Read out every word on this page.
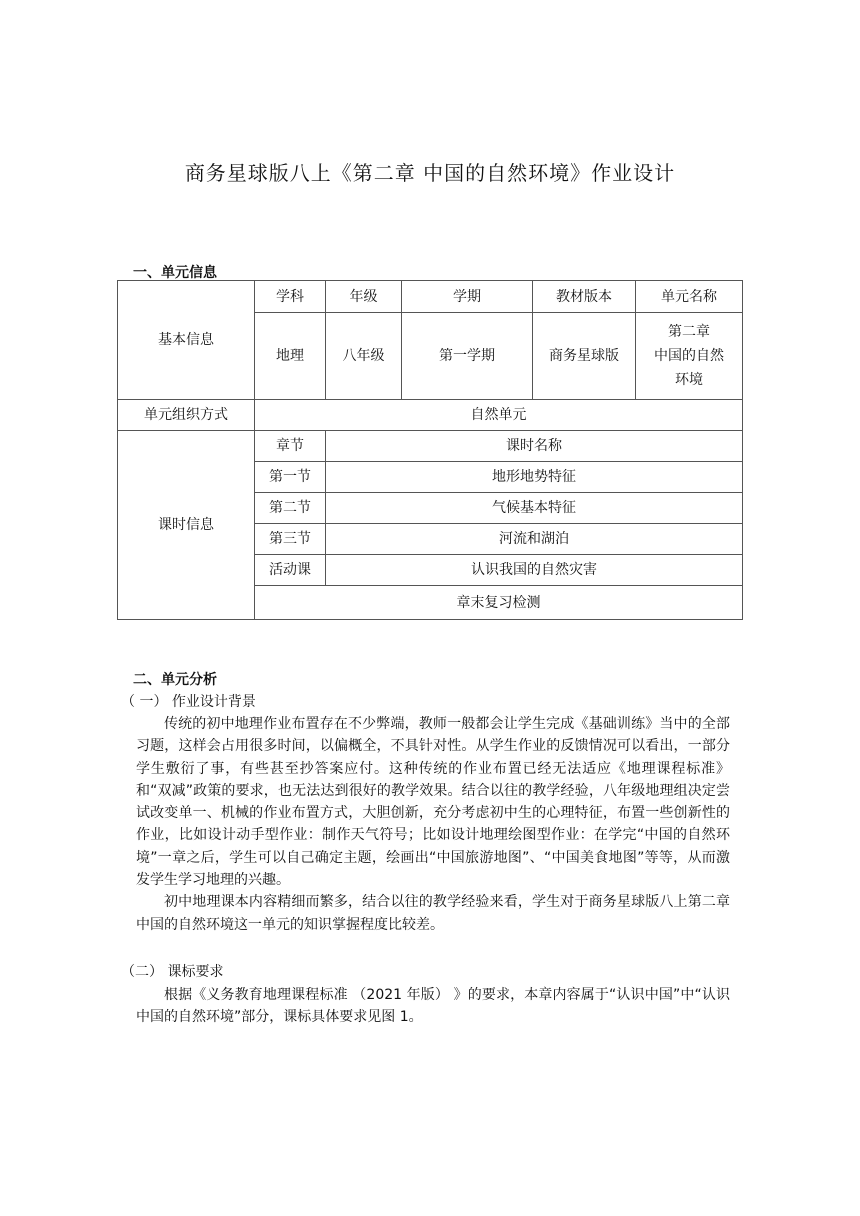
商务星球版八上《第二章 中国的自然环境》作业设计
一、单元信息
基本信息	学科	年级	学期	教材版本	单元名称
	地理	八年级	第一学期	商务星球版	第二章
中国的自然
环境

单元组织方式	自然单元				
课时信息	章节	课时名称			
	第一节	地形地势特征			
	第二节	气候基本特征			
	第三节	河流和湖泊			
	活动课	认识我国的自然灾害			
	章末复习检测				
二、单元分析
（ 一） 作业设计背景

传统的初中地理作业布置存在不少弊端，教师一般都会让学生完成《基础训练》当中的全部习题，这样会占用很多时间，以偏概全，不具针对性。从学生作业的反馈情况可以看出，一部分学生敷衍了事，有些甚至抄答案应付。这种传统的作业布置已经无法适应《地理课程标准》和“双减”政策的要求，也无法达到很好的教学效果。结合以往的教学经验，八年级地理组决定尝试改变单一、机械的作业布置方式，大胆创新，充分考虑初中生的心理特征，布置一些创新性的作业，比如设计动手型作业：制作天气符号；比如设计地理绘图型作业：在学完“中国的自然环境”一章之后，学生可以自己确定主题，绘画出“中国旅游地图”、“中国美食地图”等等，从而激发学生学习地理的兴趣。

初中地理课本内容精细而繁多，结合以往的教学经验来看，学生对于商务星球版八上第二章中国的自然环境这一单元的知识掌握程度比较差。

（二） 课标要求

根据《义务教育地理课程标准 （2021 年版） 》的要求，本章内容属于“认识中国”中“认识中国的自然环境”部分，课标具体要求见图 1。
